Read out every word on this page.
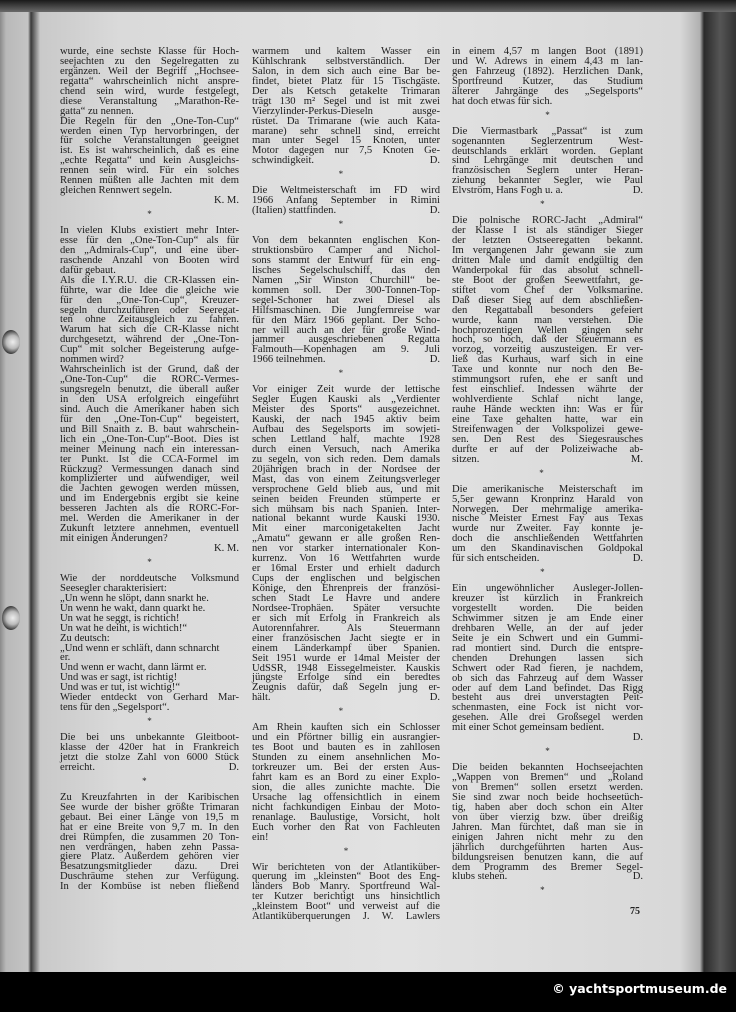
wurde, eine sechste Klasse für Hoch-
seejachten zu den Segelregatten zu
ergänzen. Weil der Begriff „Hochsee-
regatta“ wahrscheinlich nicht anspre-
chend sein wird, wurde festgelegt,
diese Veranstaltung „Marathon-Re-
gatta“ zu nennen.
Die Regeln für den „One-Ton-Cup“
werden einen Typ hervorbringen, der
für solche Veranstaltungen geeignet
ist. Es ist wahrscheinlich, daß es eine
„echte Regatta“ und kein Ausgleichs-
rennen sein wird. Für ein solches
Rennen müßten alle Jachten mit dem
gleichen Rennwert segeln.
K. M.
*
In vielen Klubs existiert mehr Inter-
esse für den „One-Ton-Cup“ als für
den „Admirals-Cup“, und eine über-
raschende Anzahl von Booten wird
dafür gebaut.
Als die I.Y.R.U. die CR-Klassen ein-
führte, war die Idee die gleiche wie
für den „One-Ton-Cup“, Kreuzer-
segeln durchzuführen oder Seeregat-
ten ohne Zeitausgleich zu fahren.
Warum hat sich die CR-Klasse nicht
durchgesetzt, während der „One-Ton-
Cup“ mit solcher Begeisterung aufge-
nommen wird?
Wahrscheinlich ist der Grund, daß der
„One-Ton-Cup“ die RORC-Vermes-
sungsregeln benutzt, die überall außer
in den USA erfolgreich eingeführt
sind. Auch die Amerikaner haben sich
für den „One-Ton-Cup“ begeistert,
und Bill Snaith z. B. baut wahrschein-
lich ein „One-Ton-Cup“-Boot. Dies ist
meiner Meinung nach ein interessan-
ter Punkt. Ist die CCA-Formel im
Rückzug? Vermessungen danach sind
komplizierter und aufwendiger, weil
die Jachten gewogen werden müssen,
und im Endergebnis ergibt sie keine
besseren Jachten als die RORC-For-
mel. Werden die Amerikaner in der
Zukunft letztere annehmen, eventuell
mit einigen Änderungen?
K. M.
*
Wie der norddeutsche Volksmund
Seesegler charakterisiert:
„Un wenn he slöpt, dann snarkt he.
Un wenn he wakt, dann quarkt he.
Un wat he seggt, is richtich!
Un wat he deiht, is wichtich!“
Zu deutsch:
„Und wenn er schläft, dann schnarcht
er.
Und wenn er wacht, dann lärmt er.
Und was er sagt, ist richtig!
Und was er tut, ist wichtig!“
Wieder entdeckt von Gerhard Mar-
tens für den „Segelsport“.
*
Die bei uns unbekannte Gleitboot-
klasse der 420er hat in Frankreich
jetzt die stolze Zahl von 6000 Stück
D.
erreicht.
*
Zu Kreuzfahrten in der Karibischen
See wurde der bisher größte Trimaran
gebaut. Bei einer Länge von 19,5 m
hat er eine Breite von 9,7 m. In den
drei Rümpfen, die zusammen 20 Ton-
nen verdrängen, haben zehn Passa-
giere Platz. Außerdem gehören vier
Besatzungsmitglieder dazu. Drei
Duschräume stehen zur Verfügung.
In der Kombüse ist neben fließend
warmem und kaltem Wasser ein
Kühlschrank selbstverständlich. Der
Salon, in dem sich auch eine Bar be-
findet, bietet Platz für 15 Tischgäste.
Der als Ketsch getakelte Trimaran
trägt 130 m² Segel und ist mit zwei
Vierzylinder-Perkus-Dieseln ausge-
rüstet. Da Trimarane (wie auch Kata-
marane) sehr schnell sind, erreicht
man unter Segel 15 Knoten, unter
Motor dagegen nur 7,5 Knoten Ge-
D.
schwindigkeit.
*
Die Weltmeisterschaft im FD wird
1966 Anfang September in Rimini
D.
(Italien) stattfinden.
*
Von dem bekannten englischen Kon-
struktionsbüro Camper and Nichol-
sons stammt der Entwurf für ein eng-
lisches Segelschulschiff, das den
Namen „Sir Winston Churchill“ be-
kommen soll. Der 300-Tonnen-Top-
segel-Schoner hat zwei Diesel als
Hilfsmaschinen. Die Jungfernreise war
für den März 1966 geplant. Der Scho-
ner will auch an der für große Wind-
jammer ausgeschriebenen Regatta
Falmouth—Kopenhagen am 9. Juli
D.
1966 teilnehmen.
*
Vor einiger Zeit wurde der lettische
Segler Eugen Kauski als „Verdienter
Meister des Sports“ ausgezeichnet.
Kauski, der nach 1945 aktiv beim
Aufbau des Segelsports im sowjeti-
schen Lettland half, machte 1928
durch einen Versuch, nach Amerika
zu segeln, von sich reden. Dem damals
20jährigen brach in der Nordsee der
Mast, das von einem Zeitungsverleger
versprochene Geld blieb aus, und mit
seinen beiden Freunden stümperte er
sich mühsam bis nach Spanien. Inter-
national bekannt wurde Kauski 1930.
Mit einer marconigetakelten Jacht
„Amatu“ gewann er alle großen Ren-
nen vor starker internationaler Kon-
kurrenz. Von 16 Wettfahrten wurde
er 16mal Erster und erhielt dadurch
Cups der englischen und belgischen
Könige, den Ehrenpreis der französi-
schen Stadt Le Havre und andere
Nordsee-Trophäen. Später versuchte
er sich mit Erfolg in Frankreich als
Autorennfahrer. Als Steuermann
einer französischen Jacht siegte er in
einem Länderkampf über Spanien.
Seit 1951 wurde er 14mal Meister der
UdSSR, 1948 Eissegelmeister. Kauskis
jüngste Erfolge sind ein beredtes
Zeugnis dafür, daß Segeln jung er-
D.
hält.
*
Am Rhein kauften sich ein Schlosser
und ein Pförtner billig ein ausrangier-
tes Boot und bauten es in zahllosen
Stunden zu einem ansehnlichen Mo-
torkreuzer um. Bei der ersten Aus-
fahrt kam es an Bord zu einer Explo-
sion, die alles zunichte machte. Die
Ursache lag offensichtlich in einem
nicht fachkundigen Einbau der Moto-
renanlage. Baulustige, Vorsicht, holt
Euch vorher den Rat von Fachleuten
ein!
*
Wir berichteten von der Atlantiküber-
querung im „kleinsten“ Boot des Eng-
länders Bob Manry. Sportfreund Wal-
ter Kutzer berichtigt uns hinsichtlich
„kleinstem Boot“ und verweist auf die
Atlantiküberquerungen J. W. Lawlers
in einem 4,57 m langen Boot (1891)
und W. Adrews in einem 4,43 m lan-
gen Fahrzeug (1892). Herzlichen Dank,
Sportfreund Kutzer, das Studium
älterer Jahrgänge des „Segelsports“
hat doch etwas für sich.
*
Die Viermastbark „Passat“ ist zum
sogenannten Seglerzentrum West-
deutschlands erklärt worden. Geplant
sind Lehrgänge mit deutschen und
französischen Seglern unter Heran-
ziehung bekannter Segler, wie Paul
D.
Elvström, Hans Fogh u. a.
*
Die polnische RORC-Jacht „Admiral“
der Klasse I ist als ständiger Sieger
der letzten Ostseeregatten bekannt.
Im vergangenen Jahr gewann sie zum
dritten Male und damit endgültig den
Wanderpokal für das absolut schnell-
ste Boot der großen Seewettfahrt, ge-
stiftet vom Chef der Volksmarine.
Daß dieser Sieg auf dem abschließen-
den Regattaball besonders gefeiert
wurde, kann man verstehen. Die
hochprozentigen Wellen gingen sehr
hoch, so hoch, daß der Steuermann es
vorzog, vorzeitig auszusteigen. Er ver-
ließ das Kurhaus, warf sich in eine
Taxe und konnte nur noch den Be-
stimmungsort rufen, ehe er sanft und
fest einschlief. Indessen währte der
wohlverdiente Schlaf nicht lange,
rauhe Hände weckten ihn: Was er für
eine Taxe gehalten hatte, war ein
Streifenwagen der Volkspolizei gewe-
sen. Den Rest des Siegesrausches
durfte er auf der Polizeiwache ab-
M.
sitzen.
*
Die amerikanische Meisterschaft im
5,5er gewann Kronprinz Harald von
Norwegen. Der mehrmalige amerika-
nische Meister Ernest Fay aus Texas
wurde nur Zweiter. Fay konnte je-
doch die anschließenden Wettfahrten
um den Skandinavischen Goldpokal
D.
für sich entscheiden.
*
Ein ungewöhnlicher Ausleger-Jollen-
kreuzer ist kürzlich in Frankreich
vorgestellt worden. Die beiden
Schwimmer sitzen je am Ende einer
drehbaren Welle, an der auf jeder
Seite je ein Schwert und ein Gummi-
rad montiert sind. Durch die entspre-
chenden Drehungen lassen sich
Schwert oder Rad fieren, je nachdem,
ob sich das Fahrzeug auf dem Wasser
oder auf dem Land befindet. Das Rigg
besteht aus drei unverstagten Peit-
schenmasten, eine Fock ist nicht vor-
gesehen. Alle drei Großsegel werden
mit einer Schot gemeinsam bedient.
D.
*
Die beiden bekannten Hochseejachten
„Wappen von Bremen“ und „Roland
von Bremen“ sollen ersetzt werden.
Sie sind zwar noch beide hochseetüch-
tig, haben aber doch schon ein Alter
von über vierzig bzw. über dreißig
Jahren. Man fürchtet, daß man sie in
einigen Jahren nicht mehr zu den
jährlich durchgeführten harten Aus-
bildungsreisen benutzen kann, die auf
dem Programm des Bremer Segel-
D.
klubs stehen.
*
75
© yachtsportmuseum.de
